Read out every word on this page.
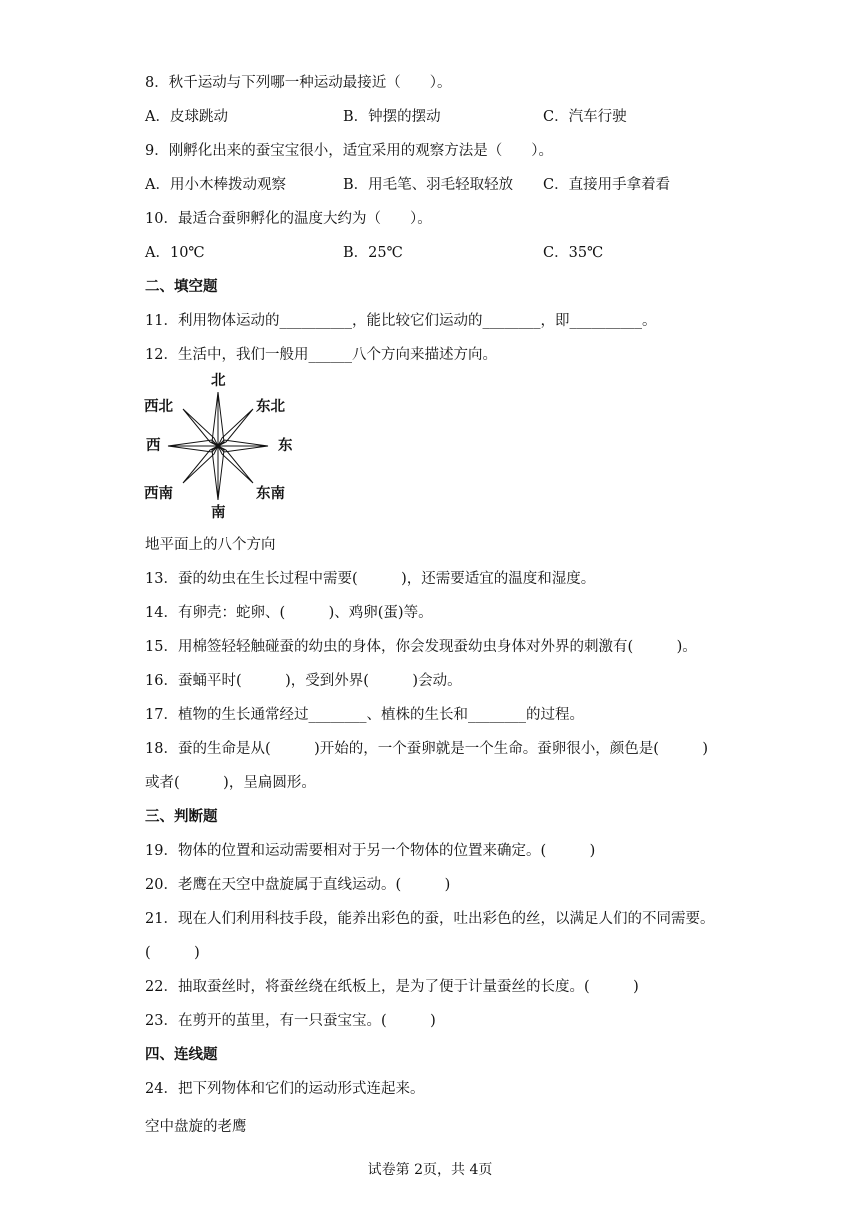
8．秋千运动与下列哪一种运动最接近（　　）。
A．皮球跳动	B．钟摆的摆动	C．汽车行驶
9．刚孵化出来的蚕宝宝很小，适宜采用的观察方法是（　　）。
A．用小木棒拨动观察	B．用毛笔、羽毛轻取轻放 C．直接用手拿着看
10．最适合蚕卵孵化的温度大约为（　　）。
A．10℃	B．25℃	C．35℃
二、填空题
11．利用物体运动的__________，能比较它们运动的________，即__________。
12．生活中，我们一般用______八个方向来描述方向。
北
南
东
西
东北
西北
东南
西南
地平面上的八个方向
13．蚕的幼虫在生长过程中需要(　　　)，还需要适宜的温度和湿度。
14．有卵壳：蛇卵、(　　　)、鸡卵(蛋)等。
15．用棉签轻轻触碰蚕的幼虫的身体，你会发现蚕幼虫身体对外界的刺激有(　　　)。
16．蚕蛹平时(　　　)，受到外界(　　　)会动。
17．植物的生长通常经过________、植株的生长和________的过程。
18．蚕的生命是从(　　　)开始的，一个蚕卵就是一个生命。蚕卵很小，颜色是(　　　)
或者(　　　)，呈扁圆形。
三、判断题
19．物体的位置和运动需要相对于另一个物体的位置来确定。(　　　)
20．老鹰在天空中盘旋属于直线运动。(　　　)
21．现在人们利用科技手段，能养出彩色的蚕，吐出彩色的丝，以满足人们的不同需要。
(　　　)
22．抽取蚕丝时，将蚕丝绕在纸板上，是为了便于计量蚕丝的长度。(　　　)
23．在剪开的茧里，有一只蚕宝宝。(　　　)
四、连线题
24．把下列物体和它们的运动形式连起来。
空中盘旋的老鹰
试卷第 2页，共 4页
